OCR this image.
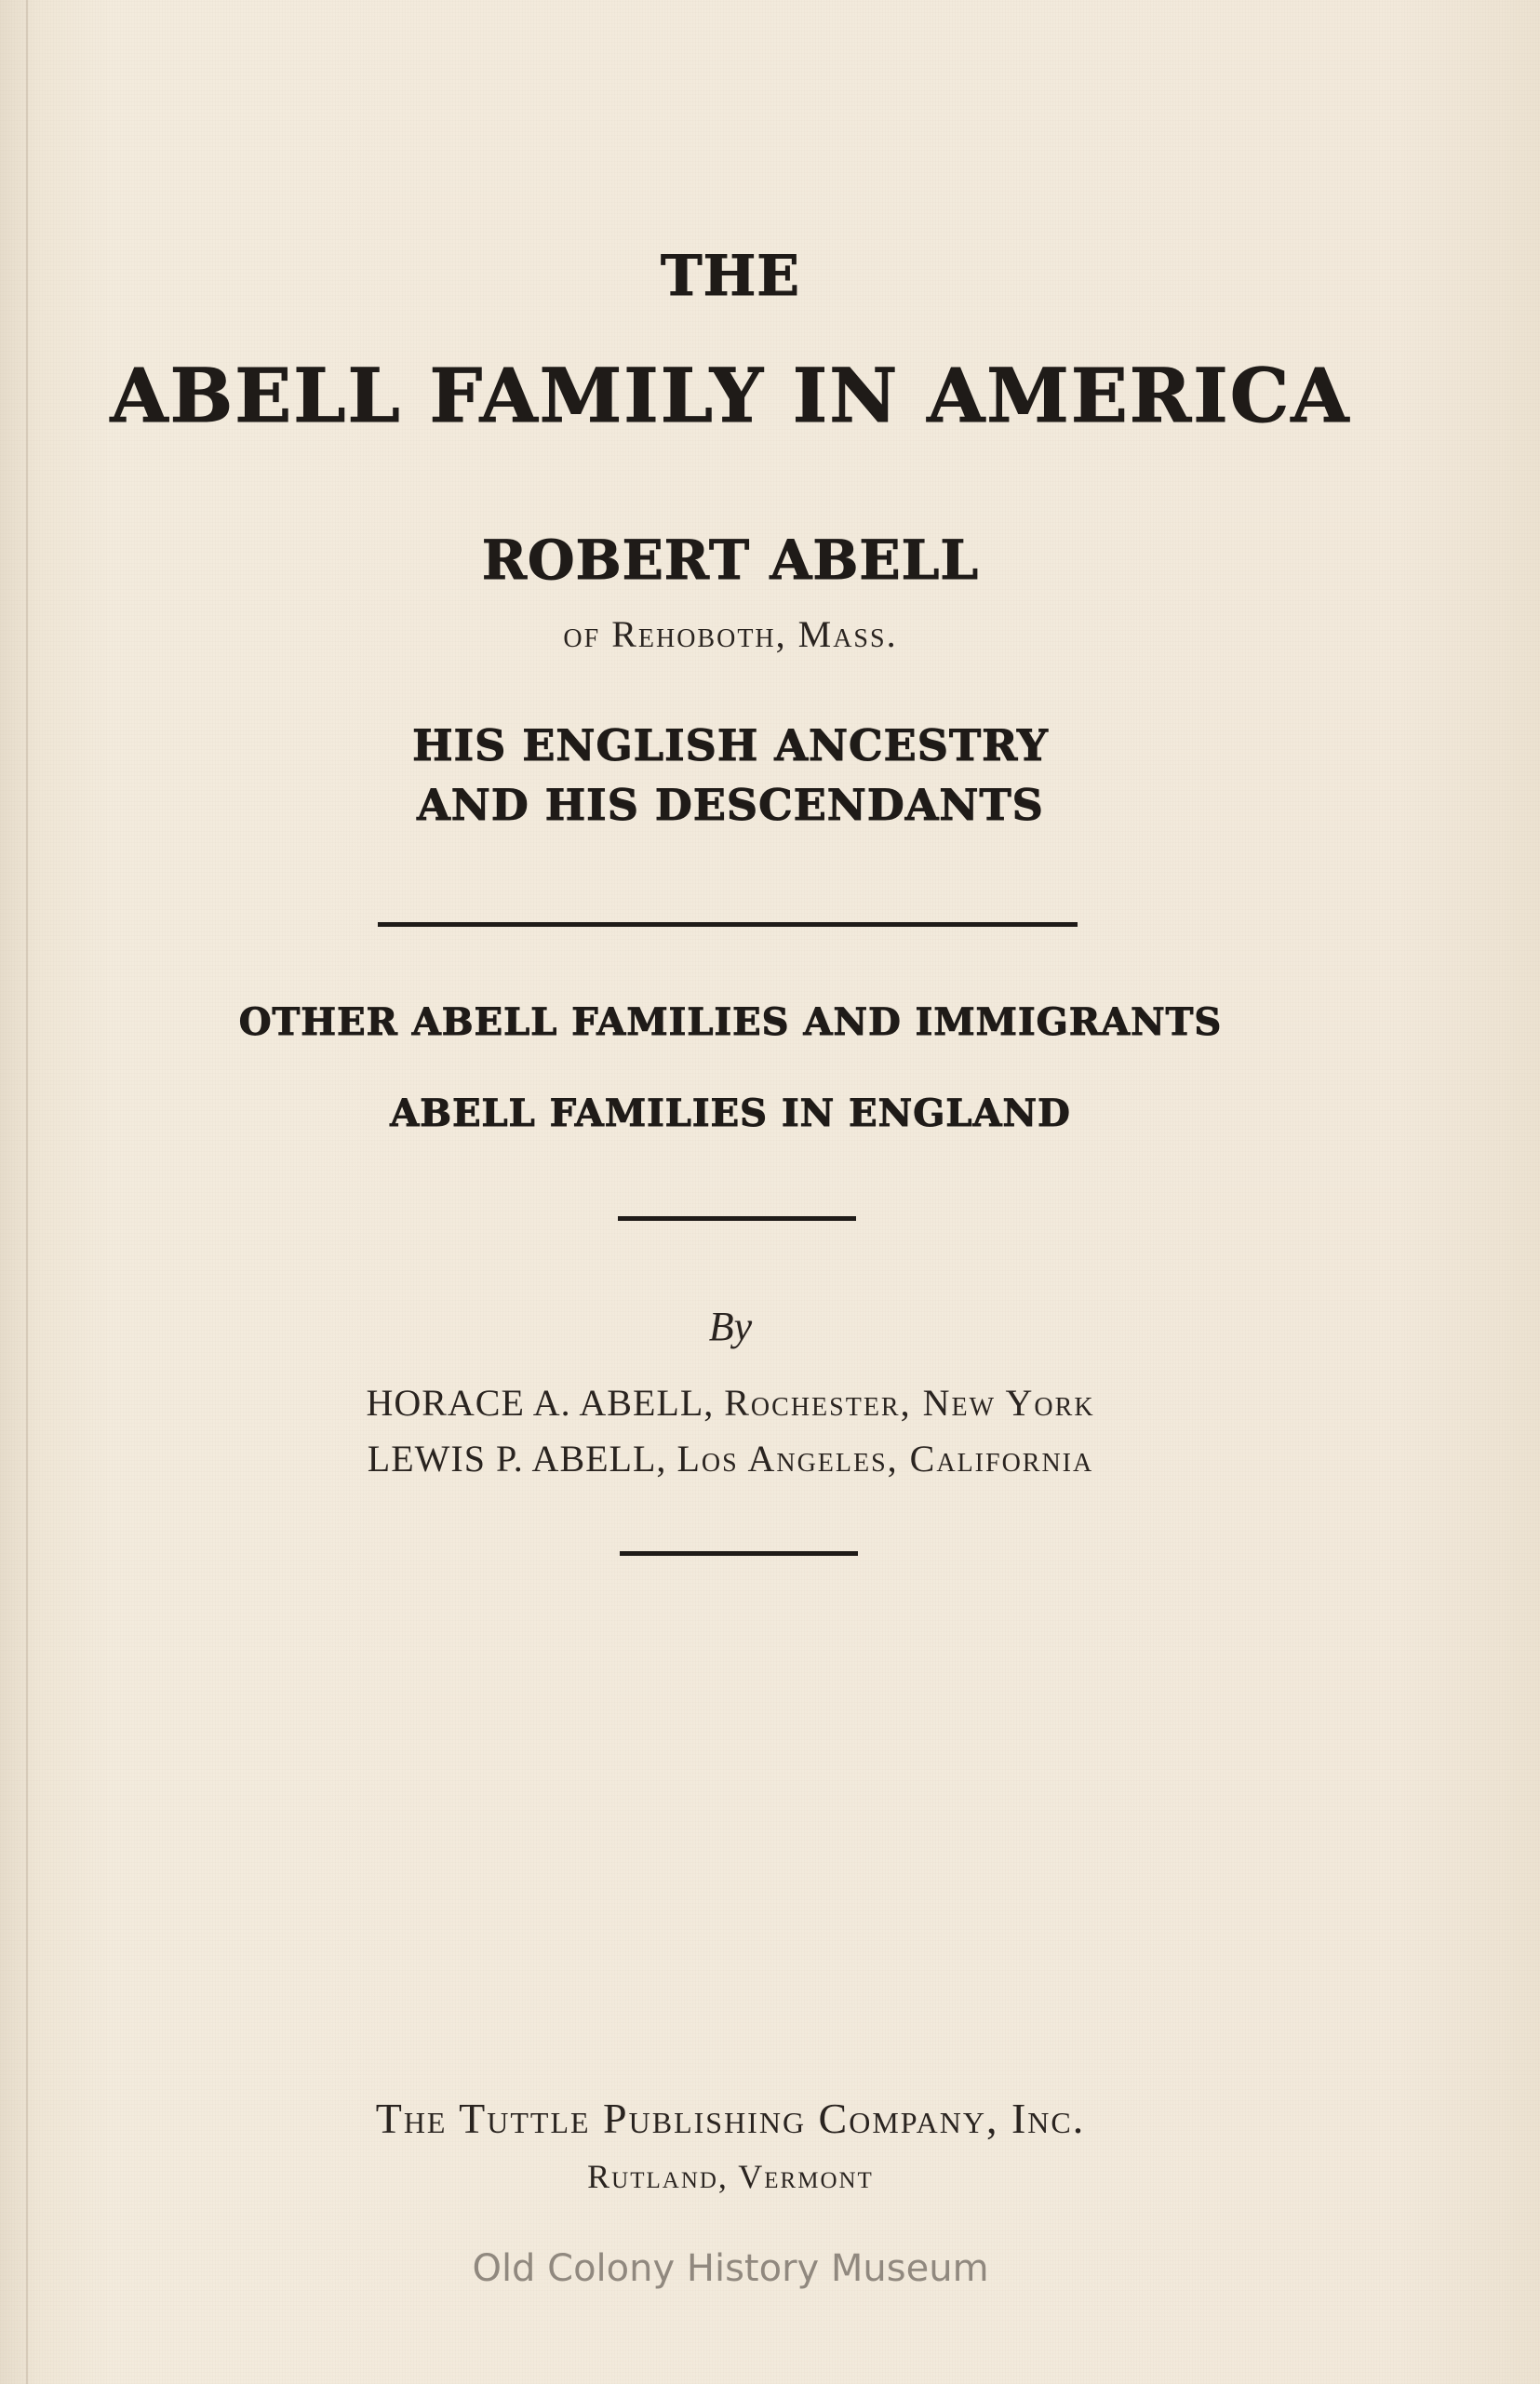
THE
ABELL FAMILY IN AMERICA
ROBERT ABELL
of Rehoboth, Mass.
HIS ENGLISH ANCESTRY
AND HIS DESCENDANTS
OTHER ABELL FAMILIES AND IMMIGRANTS
ABELL FAMILIES IN ENGLAND
By
HORACE A. ABELL, Rochester, New York
LEWIS P. ABELL, Los Angeles, California
The Tuttle Publishing Company, Inc.
Rutland, Vermont
Old Colony History Museum
